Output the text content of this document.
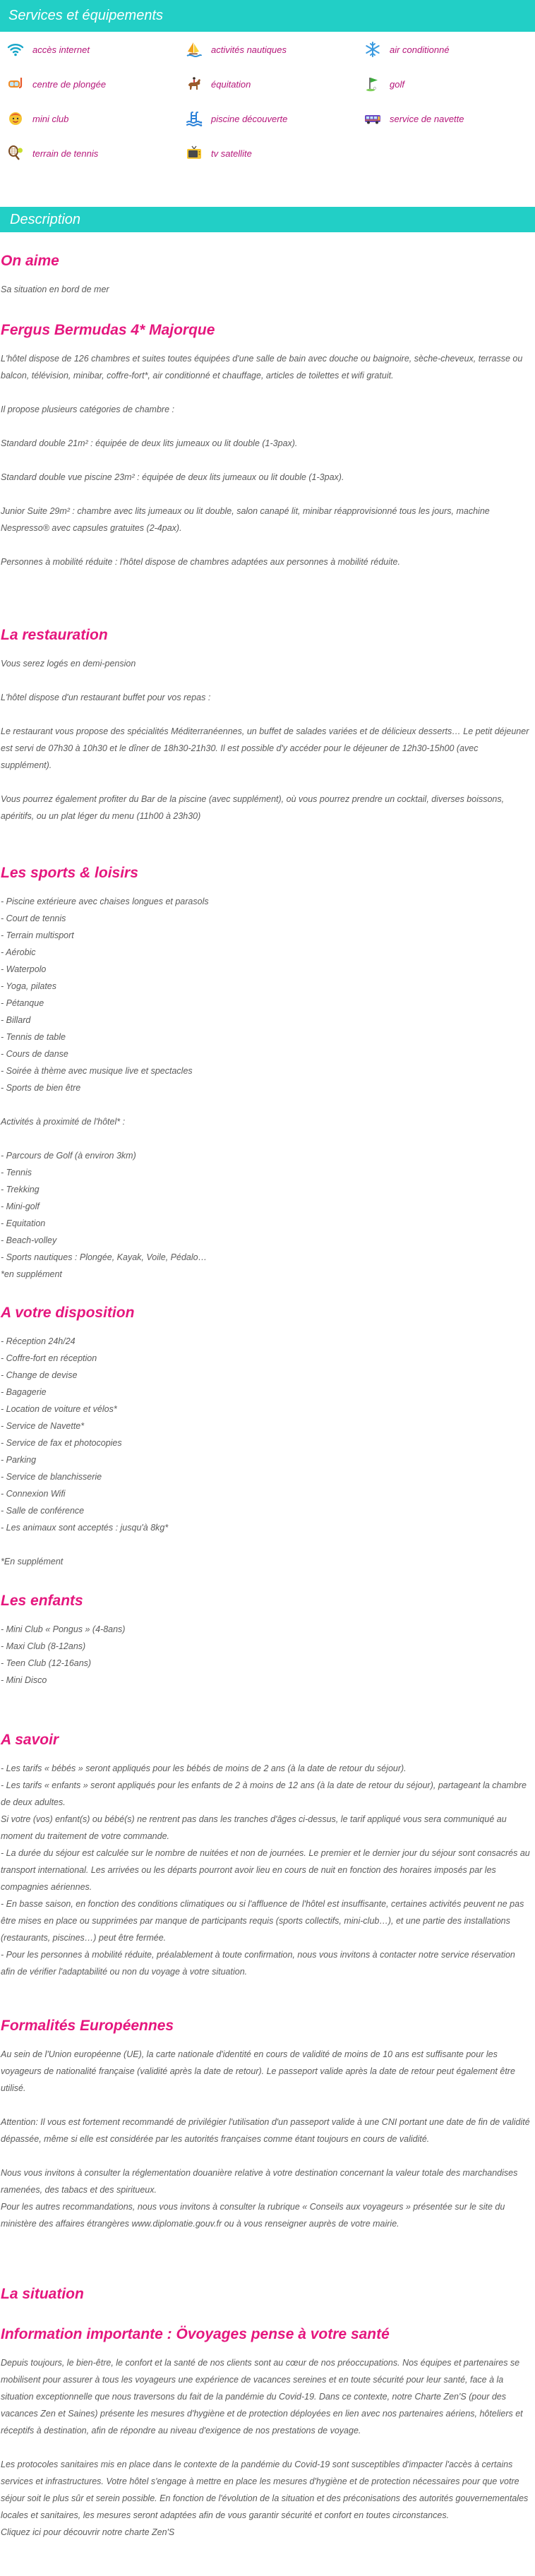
Services et équipements
accès internet	activités nautiques	air conditionné
centre de plongée	équitation	golf
mini club	piscine découverte	service de navette
terrain de tennis	tv satellite
Description
On aime
Sa situation en bord de mer
Fergus Bermudas 4* Majorque
L'hôtel dispose de 126 chambres et suites toutes équipées d'une salle de bain avec douche ou baignoire, sèche-cheveux, terrasse ou balcon, télévision, minibar, coffre-fort*, air conditionné et chauffage, articles de toilettes et wifi gratuit.
Il propose plusieurs catégories de chambre :
Standard double 21m² : équipée de deux lits jumeaux ou lit double (1-3pax).
Standard double vue piscine 23m² : équipée de deux lits jumeaux ou lit double (1-3pax).
Junior Suite 29m² : chambre avec lits jumeaux ou lit double, salon canapé lit, minibar réapprovisionné tous les jours, machine Nespresso® avec capsules gratuites (2-4pax).
Personnes à mobilité réduite : l'hôtel dispose de chambres adaptées aux personnes à mobilité réduite.
La restauration
Vous serez logés en demi-pension
L'hôtel dispose d'un restaurant buffet pour vos repas :
Le restaurant vous propose des spécialités Méditerranéennes, un buffet de salades variées et de délicieux desserts… Le petit déjeuner est servi de 07h30 à 10h30 et le dîner de 18h30-21h30. Il est possible d'y accéder pour le déjeuner de 12h30-15h00 (avec supplément).
Vous pourrez également profiter du Bar de la piscine (avec supplément), où vous pourrez prendre un cocktail, diverses boissons, apéritifs, ou un plat léger du menu (11h00 à 23h30)
Les sports & loisirs
- Piscine extérieure avec chaises longues et parasols
- Court de tennis
- Terrain multisport
- Aérobic
- Waterpolo
- Yoga, pilates
- Pétanque
- Billard
- Tennis de table
- Cours de danse
- Soirée à thème avec musique live et spectacles
- Sports de bien être
Activités à proximité de l'hôtel* :
- Parcours de Golf (à environ 3km)
- Tennis
- Trekking
- Mini-golf
- Equitation
- Beach-volley
- Sports nautiques : Plongée, Kayak, Voile, Pédalo…
*en supplément
A votre disposition
- Réception 24h/24
- Coffre-fort en réception
- Change de devise
- Bagagerie
- Location de voiture et vélos*
- Service de Navette*
- Service de fax et photocopies
- Parking
- Service de blanchisserie
- Connexion Wifi
- Salle de conférence
- Les animaux sont acceptés : jusqu'à 8kg*
*En supplément
Les enfants
- Mini Club « Pongus » (4-8ans)
- Maxi Club (8-12ans)
- Teen Club (12-16ans)
- Mini Disco
A savoir
- Les tarifs « bébés » seront appliqués pour les bébés de moins de 2 ans (à la date de retour du séjour).
- Les tarifs « enfants » seront appliqués pour les enfants de 2 à moins de 12 ans (à la date de retour du séjour), partageant la chambre de deux adultes.
Si votre (vos) enfant(s) ou bébé(s) ne rentrent pas dans les tranches d'âges ci-dessus, le tarif appliqué vous sera communiqué au moment du traitement de votre commande.
- La durée du séjour est calculée sur le nombre de nuitées et non de journées. Le premier et le dernier jour du séjour sont consacrés au transport international. Les arrivées ou les départs pourront avoir lieu en cours de nuit en fonction des horaires imposés par les compagnies aériennes.
- En basse saison, en fonction des conditions climatiques ou si l'affluence de l'hôtel est insuffisante, certaines activités peuvent ne pas être mises en place ou supprimées par manque de participants requis (sports collectifs, mini-club…), et une partie des installations (restaurants, piscines…) peut être fermée.
- Pour les personnes à mobilité réduite, préalablement à toute confirmation, nous vous invitons à contacter notre service réservation afin de vérifier l'adaptabilité ou non du voyage à votre situation.
Formalités Européennes
Au sein de l'Union européenne (UE), la carte nationale d'identité en cours de validité de moins de 10 ans est suffisante pour les voyageurs de nationalité française (validité après la date de retour). Le passeport valide après la date de retour peut également être utilisé.
Attention: Il vous est fortement recommandé de privilégier l'utilisation d'un passeport valide à une CNI portant une date de fin de validité dépassée, même si elle est considérée par les autorités françaises comme étant toujours en cours de validité.
Nous vous invitons à consulter la réglementation douanière relative à votre destination concernant la valeur totale des marchandises ramenées, des tabacs et des spiritueux.
Pour les autres recommandations, nous vous invitons à consulter la rubrique « Conseils aux voyageurs » présentée sur le site du ministère des affaires étrangères www.diplomatie.gouv.fr ou à vous renseigner auprès de votre mairie.
La situation
Information importante : Övoyages pense à votre santé
Depuis toujours, le bien-être, le confort et la santé de nos clients sont au cœur de nos préoccupations. Nos équipes et partenaires se mobilisent pour assurer à tous les voyageurs une expérience de vacances sereines et en toute sécurité pour leur santé, face à la situation exceptionnelle que nous traversons du fait de la pandémie du Covid-19. Dans ce contexte, notre Charte Zen'S (pour des vacances Zen et Saines) présente les mesures d'hygiène et de protection déployées en lien avec nos partenaires aériens, hôteliers et réceptifs à destination, afin de répondre au niveau d'exigence de nos prestations de voyage.
Les protocoles sanitaires mis en place dans le contexte de la pandémie du Covid-19 sont susceptibles d'impacter l'accès à certains services et infrastructures. Votre hôtel s'engage à mettre en place les mesures d'hygiène et de protection nécessaires pour que votre séjour soit le plus sûr et serein possible. En fonction de l'évolution de la situation et des préconisations des autorités gouvernementales locales et sanitaires, les mesures seront adaptées afin de vous garantir sécurité et confort en toutes circonstances.
Cliquez ici pour découvrir notre charte Zen'S
